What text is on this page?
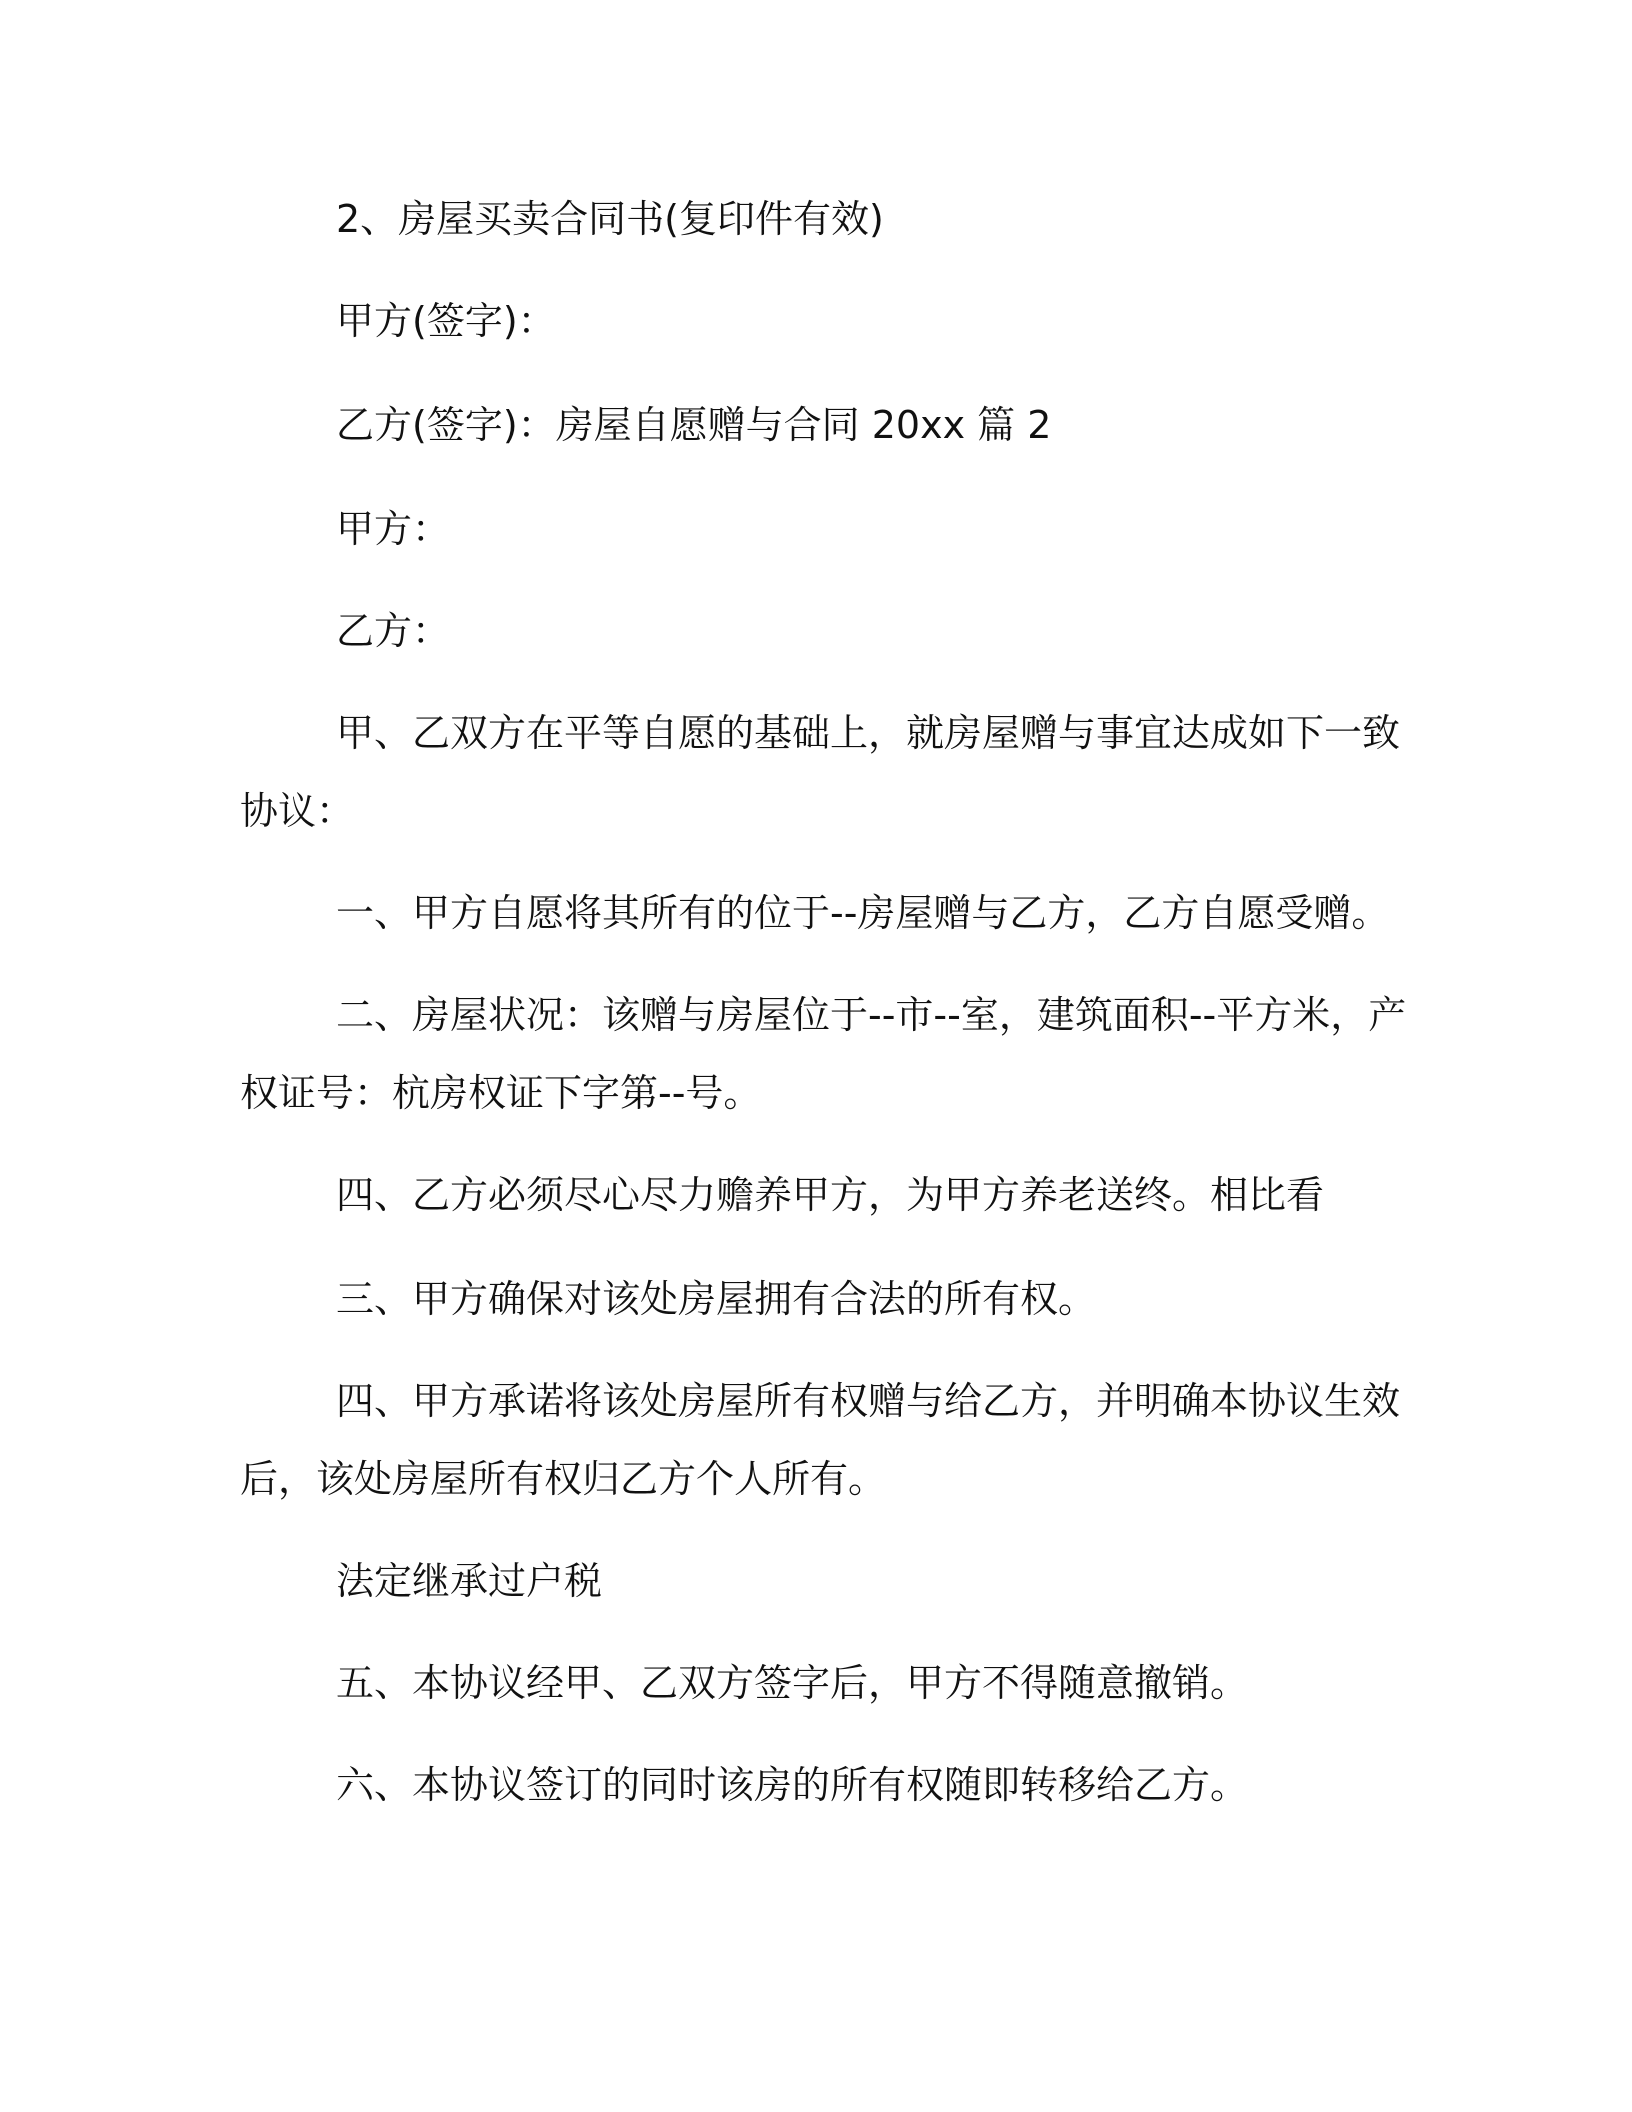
2、房屋买卖合同书(复印件有效)

甲方(签字)：

乙方(签字)：房屋自愿赠与合同 20xx 篇 2

甲方：

乙方：

甲、乙双方在平等自愿的基础上，就房屋赠与事宜达成如下一致

协议：

一、甲方自愿将其所有的位于--房屋赠与乙方，乙方自愿受赠。

二、房屋状况：该赠与房屋位于--市--室，建筑面积--平方米，产

权证号：杭房权证下字第--号。

四、乙方必须尽心尽力赡养甲方，为甲方养老送终。相比看

三、甲方确保对该处房屋拥有合法的所有权。

四、甲方承诺将该处房屋所有权赠与给乙方，并明确本协议生效

后，该处房屋所有权归乙方个人所有。

法定继承过户税

五、本协议经甲、乙双方签字后，甲方不得随意撤销。

六、本协议签订的同时该房的所有权随即转移给乙方。
